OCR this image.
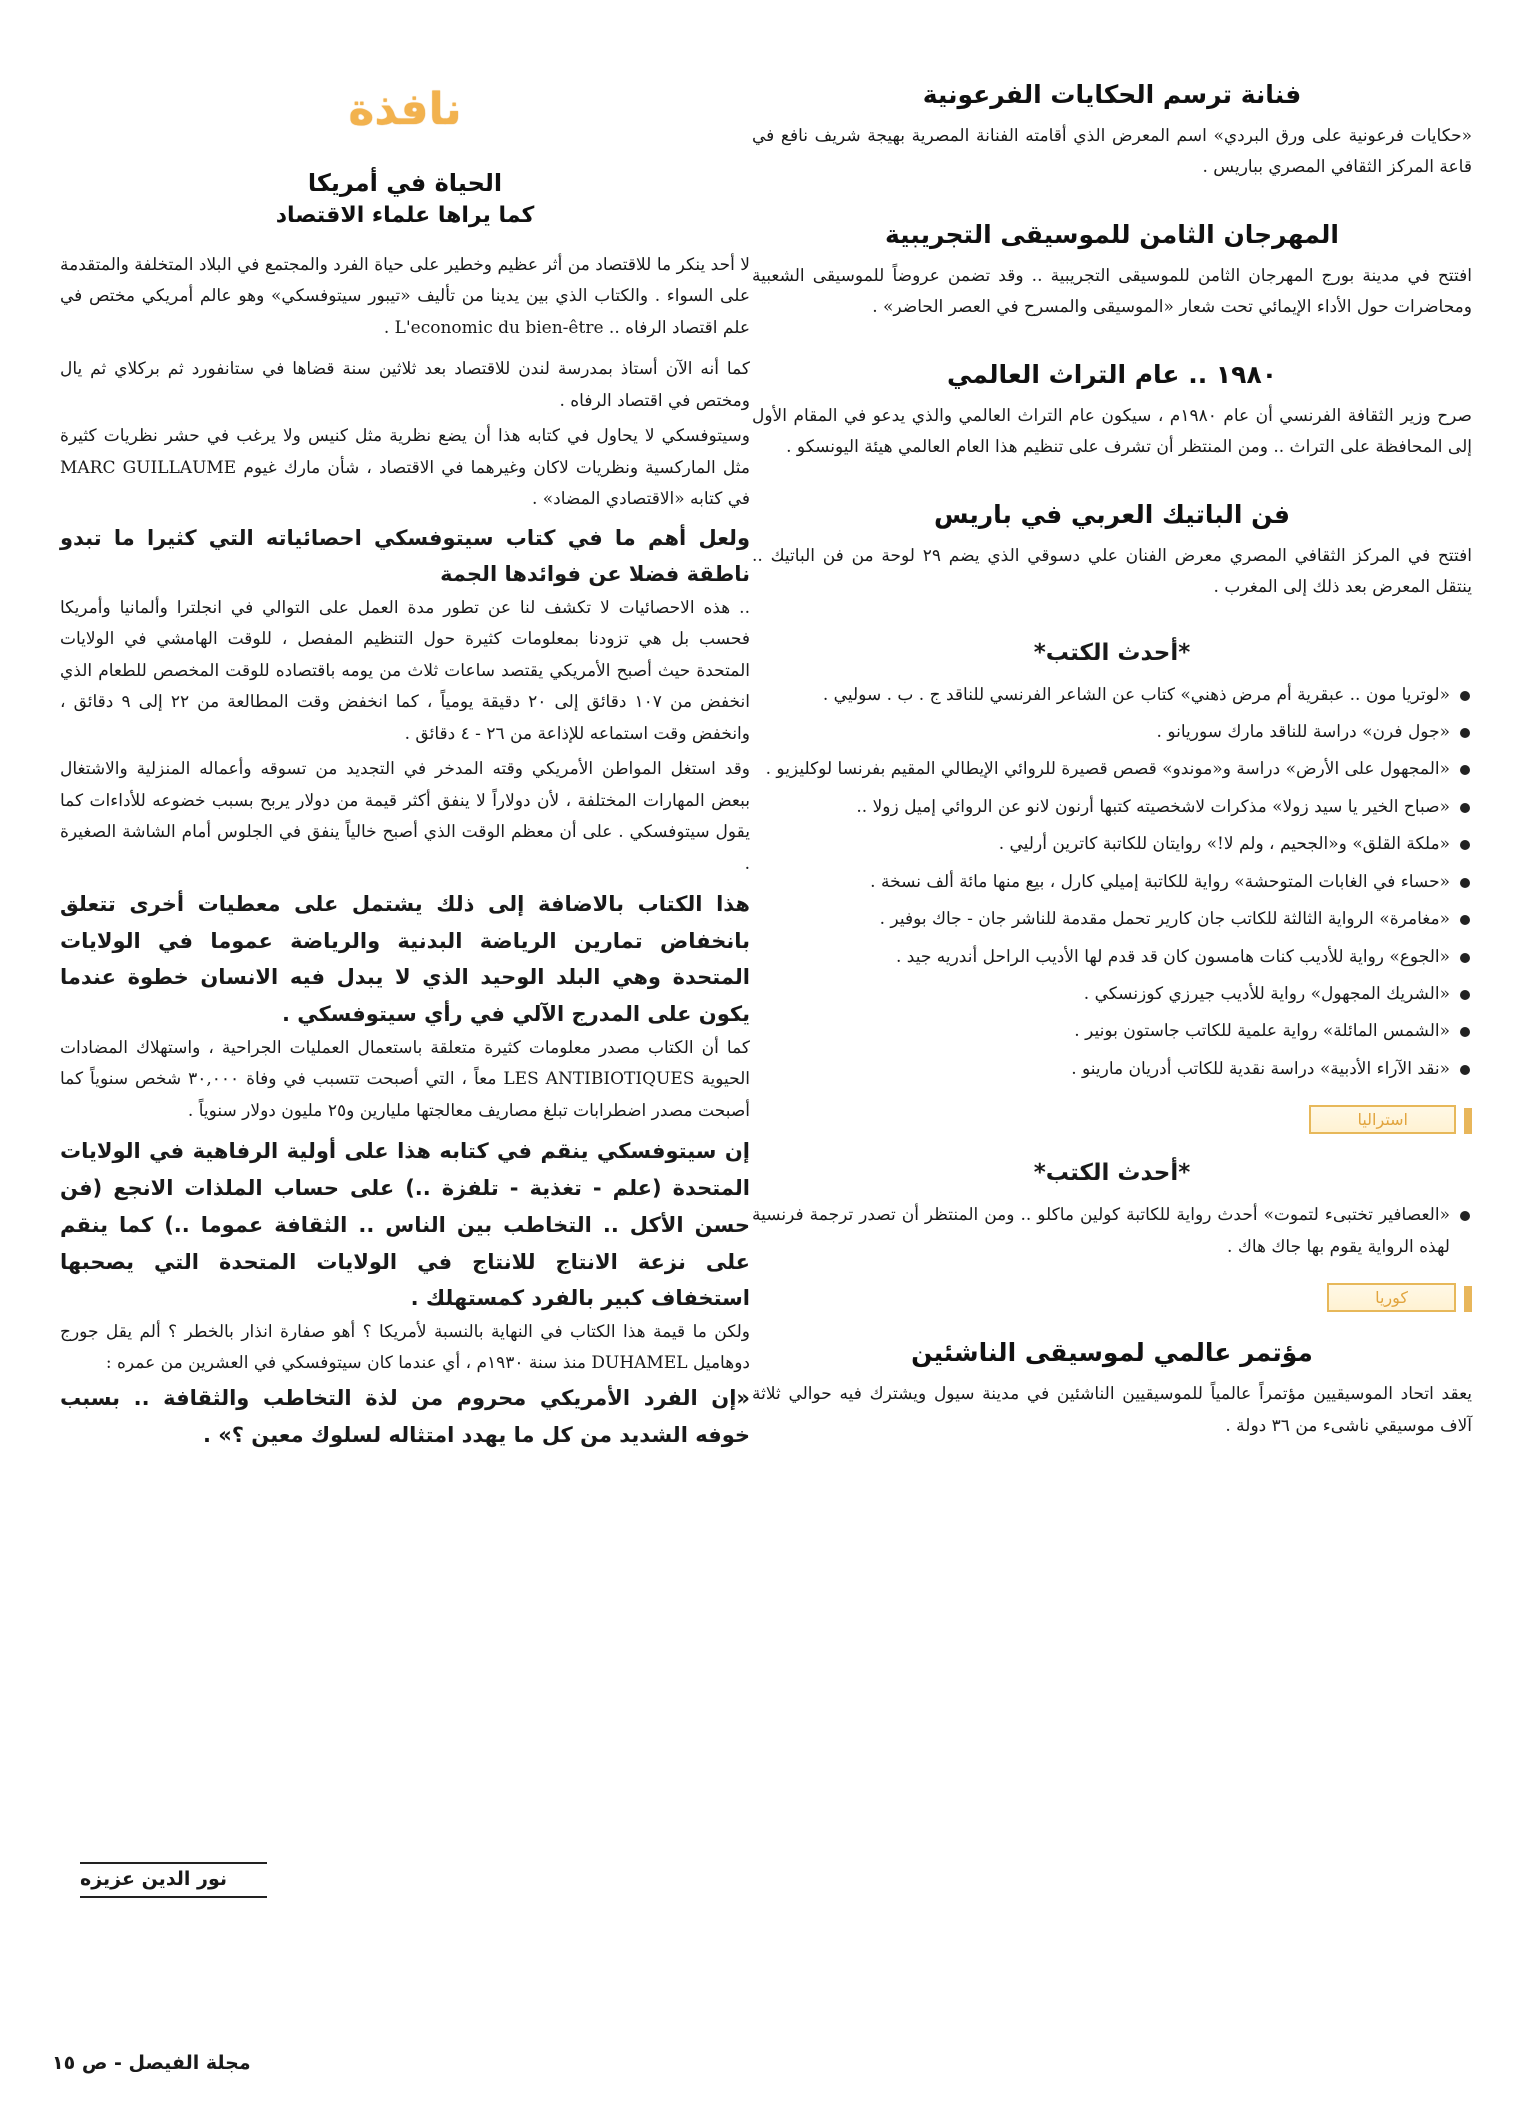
فنانة ترسم الحكايات الفرعونية

«حكايات فرعونية على ورق البردي» اسم المعرض الذي أقامته الفنانة المصرية بهيجة شريف نافع في قاعة المركز الثقافي المصري بباريس .

المهرجان الثامن للموسيقى التجريبية

افتتح في مدينة بورج المهرجان الثامن للموسيقى التجريبية .. وقد تضمن عروضاً للموسيقى الشعبية ومحاضرات حول الأداء الإيمائي تحت شعار «الموسيقى والمسرح في العصر الحاضر» .

١٩٨٠ .. عام التراث العالمي

صرح وزير الثقافة الفرنسي أن عام ١٩٨٠م ، سيكون عام التراث العالمي والذي يدعو في المقام الأول إلى المحافظة على التراث .. ومن المنتظر أن تشرف على تنظيم هذا العام العالمي هيئة اليونسكو .

فن الباتيك العربي في باريس

افتتح في المركز الثقافي المصري معرض الفنان علي دسوقي الذي يضم ٢٩ لوحة من فن الباتيك .. ينتقل المعرض بعد ذلك إلى المغرب .

*أحدث الكتب*
«لوتريا مون .. عبقرية أم مرض ذهني» كتاب عن الشاعر الفرنسي للناقد ج . ب . سوليي .
«جول فرن» دراسة للناقد مارك سوريانو .
«المجهول على الأرض» دراسة و«موندو» قصص قصيرة للروائي الإيطالي المقيم بفرنسا لوكليزيو .
«صباح الخير يا سيد زولا» مذكرات لاشخصيته كتبها أرنون لانو عن الروائي إميل زولا ..
«ملكة القلق» و«الجحيم ، ولم لا!» روايتان للكاتبة كاترين أرليي .
«حساء في الغابات المتوحشة» رواية للكاتبة إميلي كارل ، بيع منها مائة ألف نسخة .
«مغامرة» الرواية الثالثة للكاتب جان كارير تحمل مقدمة للناشر جان - جاك بوفير .
«الجوع» رواية للأديب كنات هامسون كان قد قدم لها الأديب الراحل أندريه جيد .
«الشريك المجهول» رواية للأديب جيرزي كوزنسكي .
«الشمس المائلة» رواية علمية للكاتب جاستون بونير .
«نقد الآراء الأدبية» دراسة نقدية للكاتب أدريان مارينو .
استراليا
*أحدث الكتب*
«العصافير تختبىء لتموت» أحدث رواية للكاتبة كولين ماكلو .. ومن المنتظر أن تصدر ترجمة فرنسية لهذه الرواية يقوم بها جاك هاك .
كوريا
مؤتمر عالمي لموسيقى الناشئين

يعقد اتحاد الموسيقيين مؤتمراً عالمياً للموسيقيين الناشئين في مدينة سيول ويشترك فيه حوالي ثلاثة آلاف موسيقي ناشىء من ٣٦ دولة .

نافذة
الحياة في أمريكا
كما يراها علماء الاقتصاد

لا أحد ينكر ما للاقتصاد من أثر عظيم وخطير على حياة الفرد والمجتمع في البلاد المتخلفة والمتقدمة على السواء . والكتاب الذي بين يدينا من تأليف «تيبور سيتوفسكي» وهو عالم أمريكي مختص في علم اقتصاد الرفاه .. L'economic du bien-être .

كما أنه الآن أستاذ بمدرسة لندن للاقتصاد بعد ثلاثين سنة قضاها في ستانفورد ثم بركلاي ثم يال ومختص في اقتصاد الرفاه .

وسيتوفسكي لا يحاول في كتابه هذا أن يضع نظرية مثل كنيس ولا يرغب في حشر نظريات كثيرة مثل الماركسية ونظريات لاكان وغيرهما في الاقتصاد ، شأن مارك غيوم MARC GUILLAUME في كتابه «الاقتصادي المضاد» .

ولعل أهم ما في كتاب سيتوفسكي احصائياته التي كثيرا ما تبدو ناطقة فضلا عن فوائدها الجمة

.. هذه الاحصائيات لا تكشف لنا عن تطور مدة العمل على التوالي في انجلترا وألمانيا وأمريكا فحسب بل هي تزودنا بمعلومات كثيرة حول التنظيم المفصل ، للوقت الهامشي في الولايات المتحدة حيث أصبح الأمريكي يقتصد ساعات ثلاث من يومه باقتصاده للوقت المخصص للطعام الذي انخفض من ١٠٧ دقائق إلى ٢٠ دقيقة يومياً ، كما انخفض وقت المطالعة من ٢٢ إلى ٩ دقائق ، وانخفض وقت استماعه للإذاعة من ٢٦ - ٤ دقائق .

وقد استغل المواطن الأمريكي وقته المدخر في التجديد من تسوقه وأعماله المنزلية والاشتغال ببعض المهارات المختلفة ، لأن دولاراً لا ينفق أكثر قيمة من دولار يربح بسبب خضوعه للأداءات كما يقول سيتوفسكي . على أن معظم الوقت الذي أصبح خالياً ينفق في الجلوس أمام الشاشة الصغيرة .

هذا الكتاب بالاضافة إلى ذلك يشتمل على معطيات أخرى تتعلق بانخفاض تمارين الرياضة البدنية والرياضة عموما في الولايات المتحدة وهي البلد الوحيد الذي لا يبدل فيه الانسان خطوة عندما يكون على المدرج الآلي في رأي سيتوفسكي .

كما أن الكتاب مصدر معلومات كثيرة متعلقة باستعمال العمليات الجراحية ، واستهلاك المضادات الحيوية LES ANTIBIOTIQUES معاً ، التي أصبحت تتسبب في وفاة ٣٠,٠٠٠ شخص سنوياً كما أصبحت مصدر اضطرابات تبلغ مصاريف معالجتها مليارين و٢٥ مليون دولار سنوياً .

إن سيتوفسكي ينقم في كتابه هذا على أولية الرفاهية في الولايات المتحدة (علم - تغذية - تلفزة ..) على حساب الملذات الانجع (فن حسن الأكل .. التخاطب بين الناس .. الثقافة عموما ..) كما ينقم على نزعة الانتاج للانتاج في الولايات المتحدة التي يصحبها استخفاف كبير بالفرد كمستهلك .

ولكن ما قيمة هذا الكتاب في النهاية بالنسبة لأمريكا ؟ أهو صفارة انذار بالخطر ؟ ألم يقل جورج دوهاميل DUHAMEL منذ سنة ١٩٣٠م ، أي عندما كان سيتوفسكي في العشرين من عمره :

«إن الفرد الأمريكي محروم من لذة التخاطب والثقافة .. بسبب خوفه الشديد من كل ما يهدد امتثاله لسلوك معين ؟» .

نور الدين عزيزه
مجلة الفيصل - ص ١٥
